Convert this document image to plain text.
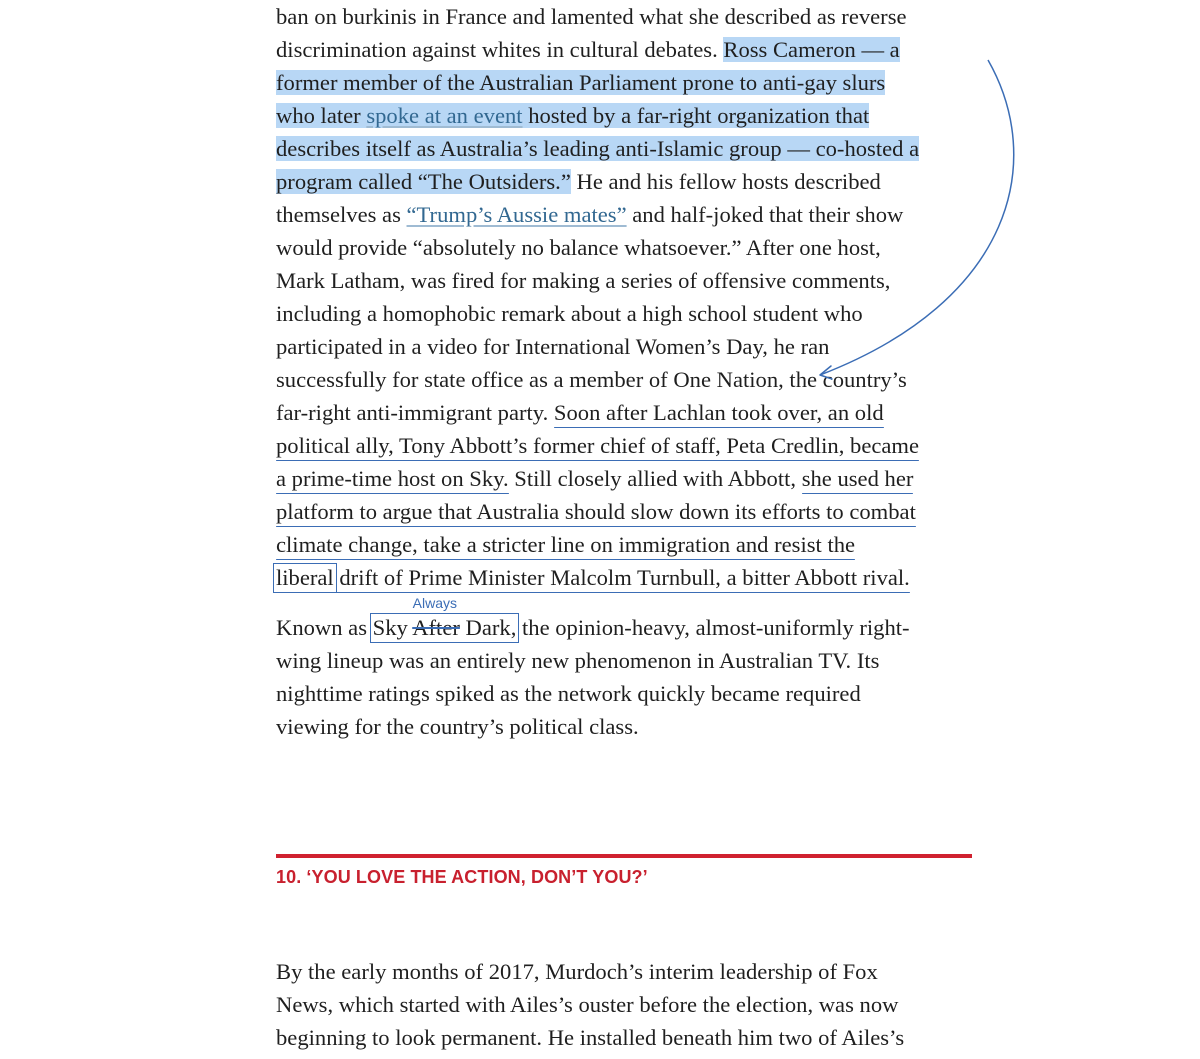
ban on burkinis in France and lamented what she described as reverse
discrimination against whites in cultural debates. Ross Cameron — a
former member of the Australian Parliament prone to anti-gay slurs
who later spoke at an event hosted by a far-right organization that
describes itself as Australia’s leading anti-Islamic group — co-hosted a
program called “The Outsiders.” He and his fellow hosts described
themselves as “Trump’s Aussie mates” and half-joked that their show
would provide “absolutely no balance whatsoever.” After one host,
Mark Latham, was fired for making a series of offensive comments,
including a homophobic remark about a high school student who
participated in a video for International Women’s Day, he ran
successfully for state office as a member of One Nation, the country’s
far-right anti-immigrant party. Soon after Lachlan took over, an old
political ally, Tony Abbott’s former chief of staff, Peta Credlin, became
a prime-time host on Sky. Still closely allied with Abbott, she used her
platform to argue that Australia should slow down its efforts to combat
climate change, take a stricter line on immigration and resist the
liberal drift of Prime Minister Malcolm Turnbull, a bitter Abbott rival.
Known as Sky After Dark,
Always
the opinion-heavy, almost-uniformly right-
wing lineup was an entirely new phenomenon in Australian TV. Its
nighttime ratings spiked as the network quickly became required
viewing for the country’s political class.
By the early months of 2017, Murdoch’s interim leadership of Fox
News, which started with Ailes’s ouster before the election, was now
beginning to look permanent. He installed beneath him two of Ailes’s
10. ‘YOU LOVE THE ACTION, DON’T YOU?’
